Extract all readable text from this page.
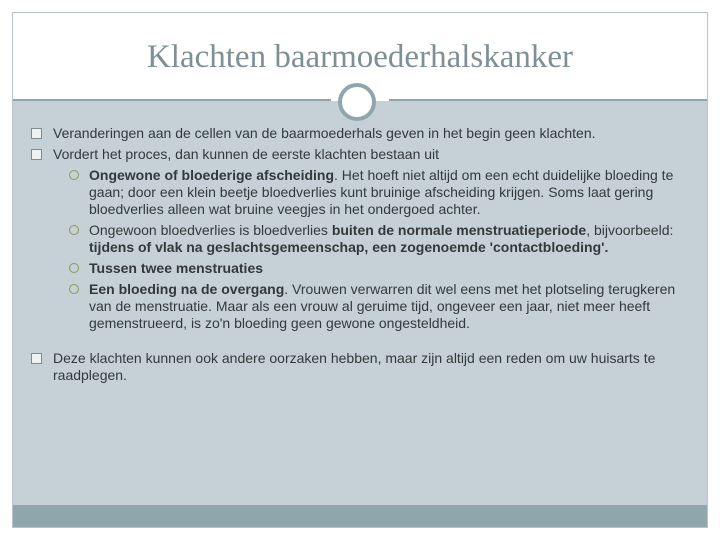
Klachten baarmoederhalskanker
Veranderingen aan de cellen van de baarmoederhals geven in het begin geen klachten.
Vordert het proces, dan kunnen de eerste klachten bestaan uit
Ongewone of bloederige afscheiding. Het hoeft niet altijd om een echt duidelijke bloeding te gaan; door een klein beetje bloedverlies kunt bruinige afscheiding krijgen. Soms laat gering bloedverlies alleen wat bruine veegjes in het ondergoed achter.
Ongewoon bloedverlies is bloedverlies buiten de normale menstruatieperiode, bijvoorbeeld: tijdens of vlak na geslachtsgemeenschap, een zogenoemde 'contactbloeding'.
Tussen twee menstruaties
Een bloeding na de overgang. Vrouwen verwarren dit wel eens met het plotseling terugkeren van de menstruatie. Maar als een vrouw al geruime tijd, ongeveer een jaar, niet meer heeft gemenstrueerd, is zo'n bloeding geen gewone ongesteldheid.
Deze klachten kunnen ook andere oorzaken hebben, maar zijn altijd een reden om uw huisarts te raadplegen.
